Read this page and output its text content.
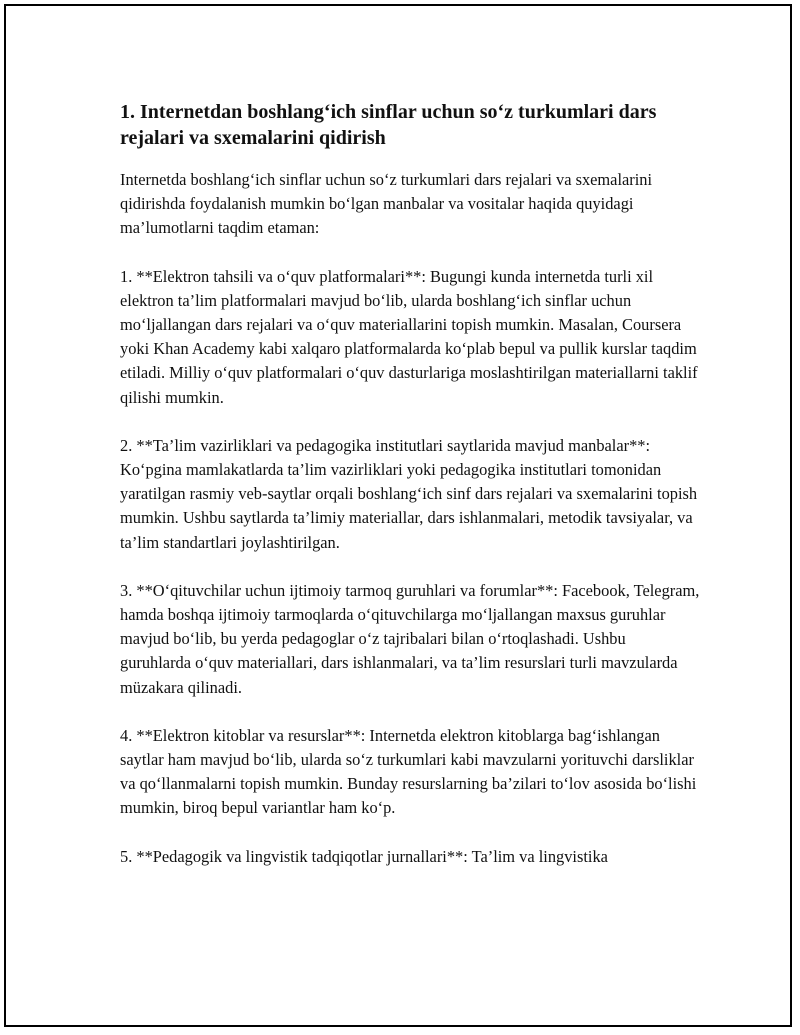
1. Internetdan boshlang‘ich sinflar uchun so‘z turkumlari dars rejalari va sxemalarini qidirish

Internetda boshlang‘ich sinflar uchun so‘z turkumlari dars rejalari va sxemalarini qidirishda foydalanish mumkin bo‘lgan manbalar va vositalar haqida quyidagi ma’lumotlarni taqdim etaman:

1. **Elektron tahsili va o‘quv platformalari**: Bugungi kunda internetda turli xil elektron ta’lim platformalari mavjud bo‘lib, ularda boshlang‘ich sinflar uchun mo‘ljallangan dars rejalari va o‘quv materiallarini topish mumkin. Masalan, Coursera yoki Khan Academy kabi xalqaro platformalarda ko‘plab bepul va pullik kurslar taqdim etiladi. Milliy o‘quv platformalari o‘quv dasturlariga moslashtirilgan materiallarni taklif qilishi mumkin.

2. **Ta’lim vazirliklari va pedagogika institutlari saytlarida mavjud manbalar**: Ko‘pgina mamlakatlarda ta’lim vazirliklari yoki pedagogika institutlari tomonidan yaratilgan rasmiy veb-saytlar orqali boshlang‘ich sinf dars rejalari va sxemalarini topish mumkin. Ushbu saytlarda ta’limiy materiallar, dars ishlanmalari, metodik tavsiyalar, va ta’lim standartlari joylashtirilgan.

3. **O‘qituvchilar uchun ijtimoiy tarmoq guruhlari va forumlar**: Facebook, Telegram, hamda boshqa ijtimoiy tarmoqlarda o‘qituvchilarga mo‘ljallangan maxsus guruhlar mavjud bo‘lib, bu yerda pedagoglar o‘z tajribalari bilan o‘rtoqlashadi. Ushbu guruhlarda o‘quv materiallari, dars ishlanmalari, va ta’lim resurslari turli mavzularda müzakara qilinadi.

4. **Elektron kitoblar va resurslar**: Internetda elektron kitoblarga bag‘ishlangan saytlar ham mavjud bo‘lib, ularda so‘z turkumlari kabi mavzularni yorituvchi darsliklar va qo‘llanmalarni topish mumkin. Bunday resurslarning ba’zilari to‘lov asosida bo‘lishi mumkin, biroq bepul variantlar ham ko‘p.

5. **Pedagogik va lingvistik tadqiqotlar jurnallari**: Ta’lim va lingvistika
